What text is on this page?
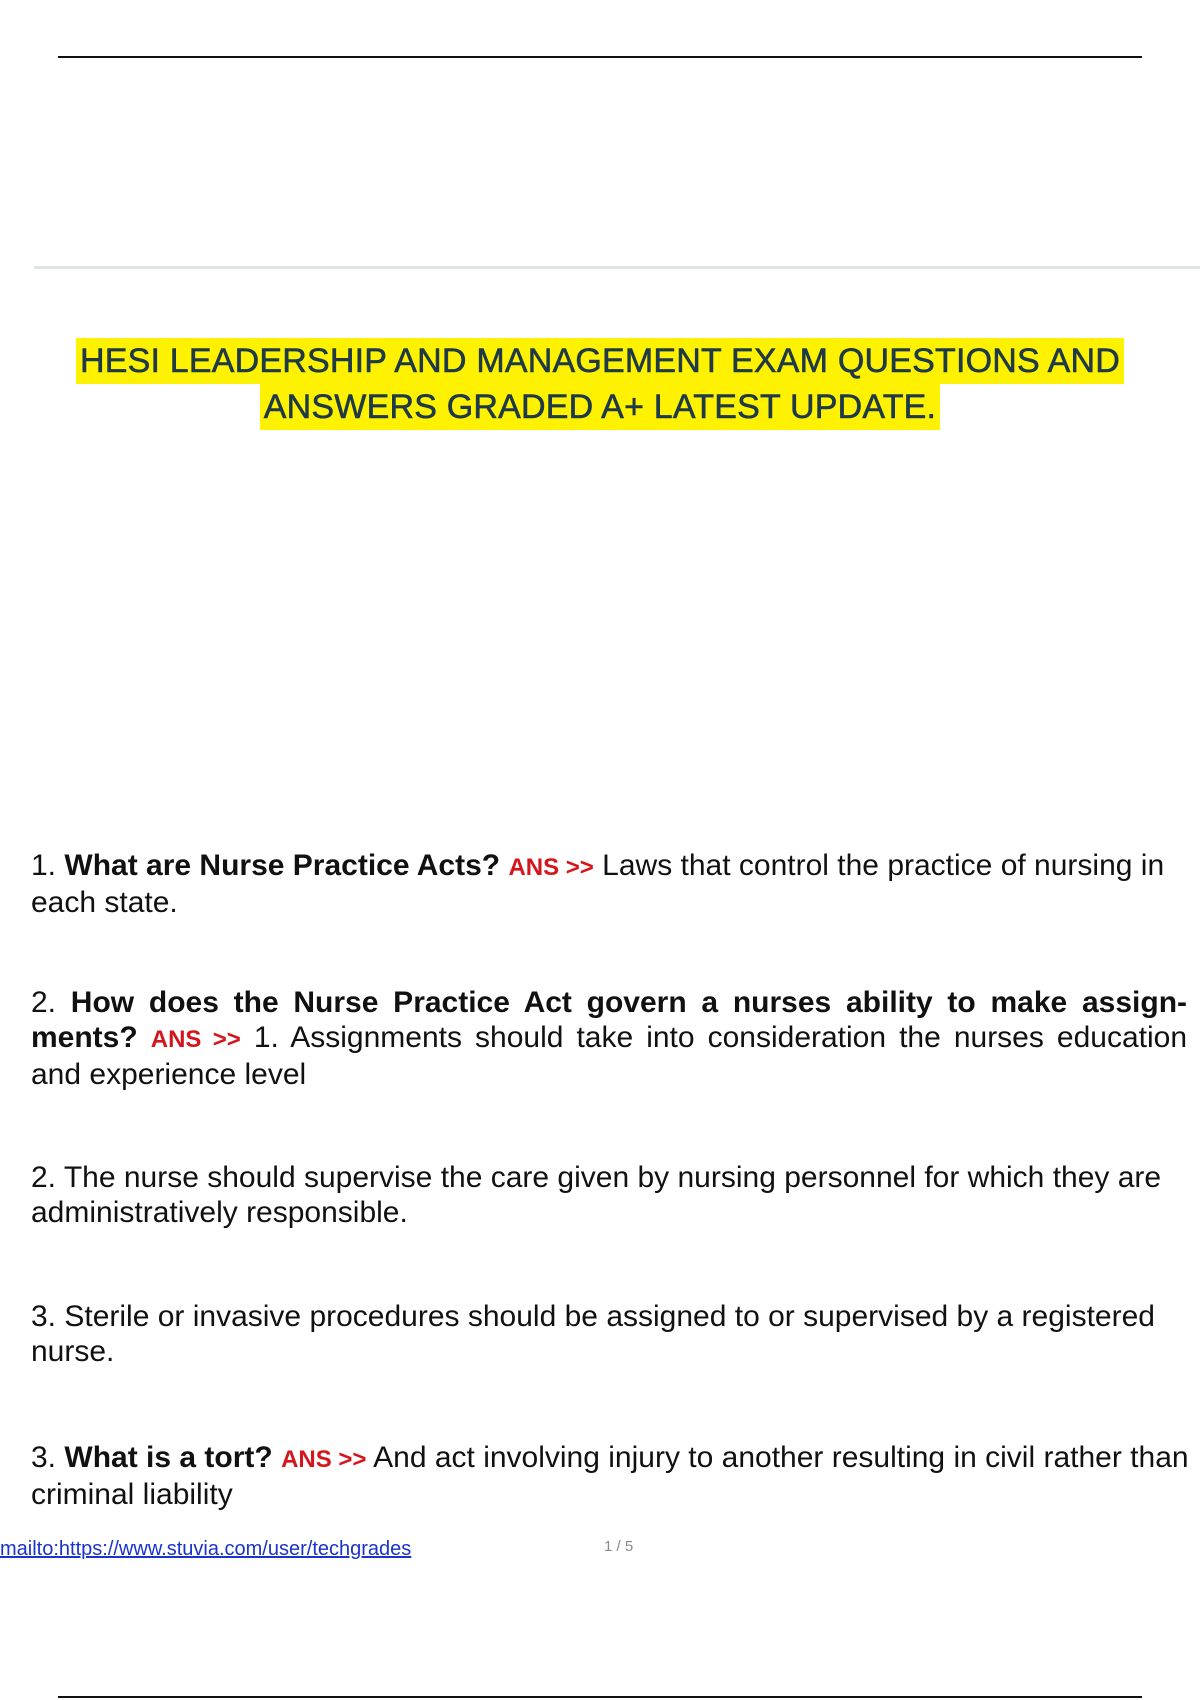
HESI LEADERSHIP AND MANAGEMENT EXAM QUESTIONS AND
ANSWERS GRADED A+ LATEST UPDATE.
1. What are Nurse Practice Acts? ANS >> Laws that control the practice of nursing in each state.
2. How does the Nurse Practice Act govern a nurses ability to make assign-ments? ANS >> 1. Assignments should take into consideration the nurses education and experience level
2. The nurse should supervise the care given by nursing personnel for which they are administratively responsible.
3. Sterile or invasive procedures should be assigned to or supervised by a registered nurse.
3. What is a tort? ANS >> And act involving injury to another resulting in civil rather than criminal liability
mailto:https://www.stuvia.com/user/techgrades	1 / 5
